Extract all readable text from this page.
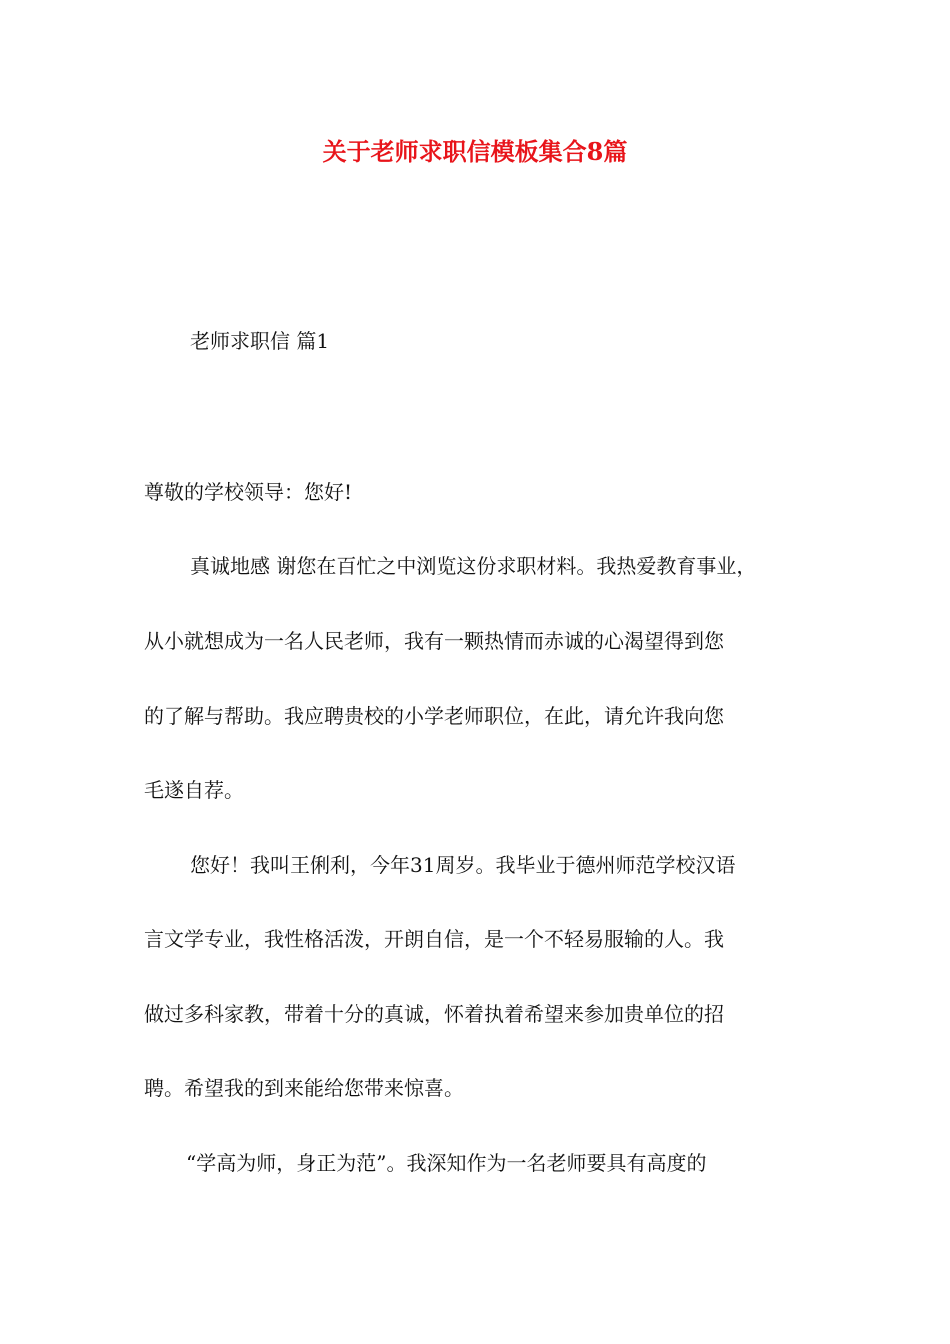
关于老师求职信模板集合8篇

老师求职信 篇1

尊敬的学校领导：您好!

真诚地感 谢您在百忙之中浏览这份求职材料。我热爱教育事业，

从小就想成为一名人民老师，我有一颗热情而赤诚的心渴望得到您

的了解与帮助。我应聘贵校的小学老师职位，在此，请允许我向您

毛遂自荐。

您好！我叫王俐利，今年31周岁。我毕业于德州师范学校汉语

言文学专业，我性格活泼，开朗自信，是一个不轻易服输的人。我

做过多科家教，带着十分的真诚，怀着执着希望来参加贵单位的招

聘。希望我的到来能给您带来惊喜。

“学高为师，身正为范”。我深知作为一名老师要具有高度的
